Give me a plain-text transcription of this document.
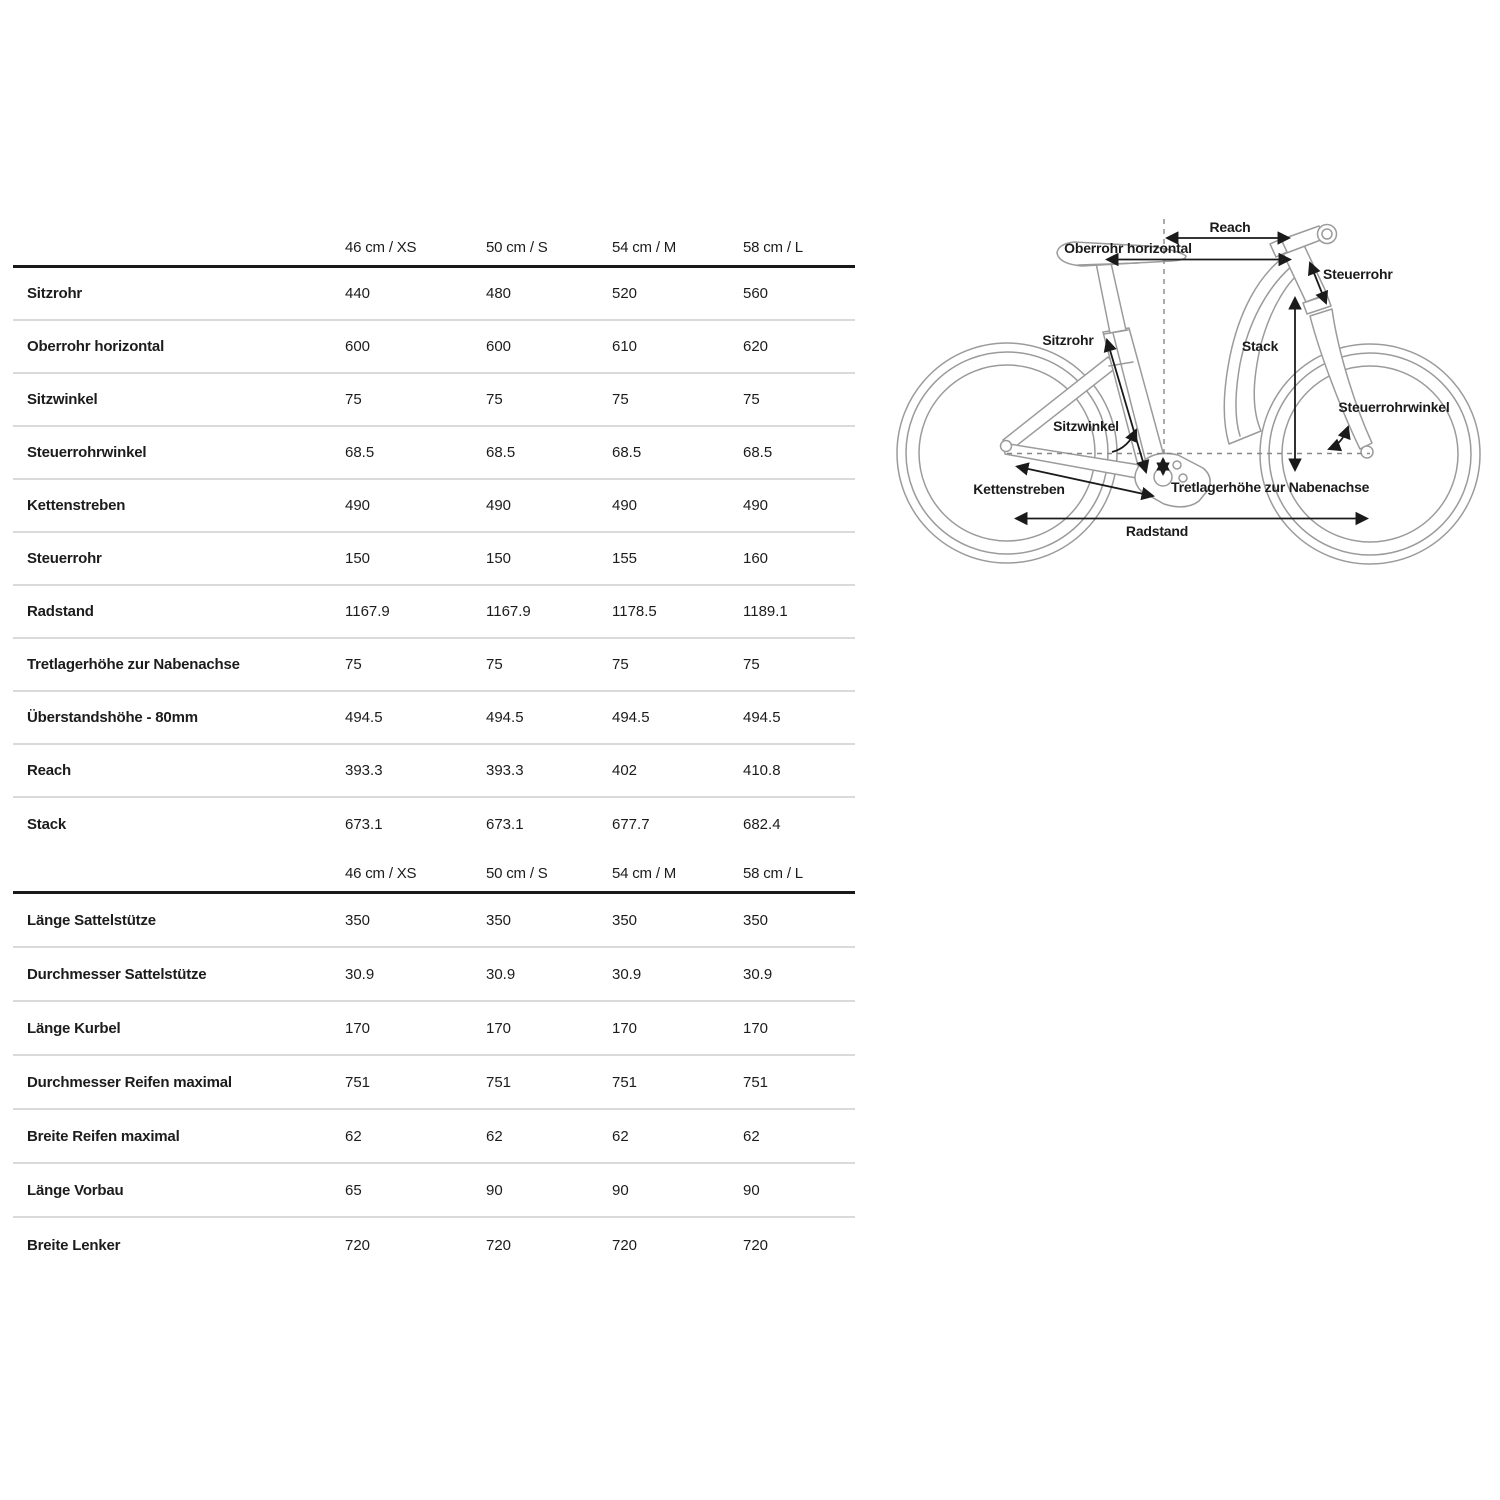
46 cm / XS	50 cm / S	54 cm / M	58 cm / L
Sitzrohr	440	480	520	560
Oberrohr horizontal	600	600	610	620
Sitzwinkel	75	75	75	75
Steuerrohrwinkel	68.5	68.5	68.5	68.5
Kettenstreben	490	490	490	490
Steuerrohr	150	150	155	160
Radstand	1167.9	1167.9	1178.5	1189.1
Tretlagerhöhe zur Nabenachse	75	75	75	75
Überstandshöhe - 80mm	494.5	494.5	494.5	494.5
Reach	393.3	393.3	402	410.8
Stack	673.1	673.1	677.7	682.4
46 cm / XS	50 cm / S	54 cm / M	58 cm / L
Länge Sattelstütze	350	350	350	350
Durchmesser Sattelstütze	30.9	30.9	30.9	30.9
Länge Kurbel	170	170	170	170
Durchmesser Reifen maximal	751	751	751	751
Breite Reifen maximal	62	62	62	62
Länge Vorbau	65	90	90	90
Breite Lenker	720	720	720	720
Reach
Oberrohr horizontal
Steuerrohr
Sitzrohr	Stack
Steuerrohrwinkel
Sitzwinkel
Kettenstreben	Tretlagerhöhe zur Nabenachse
Radstand
